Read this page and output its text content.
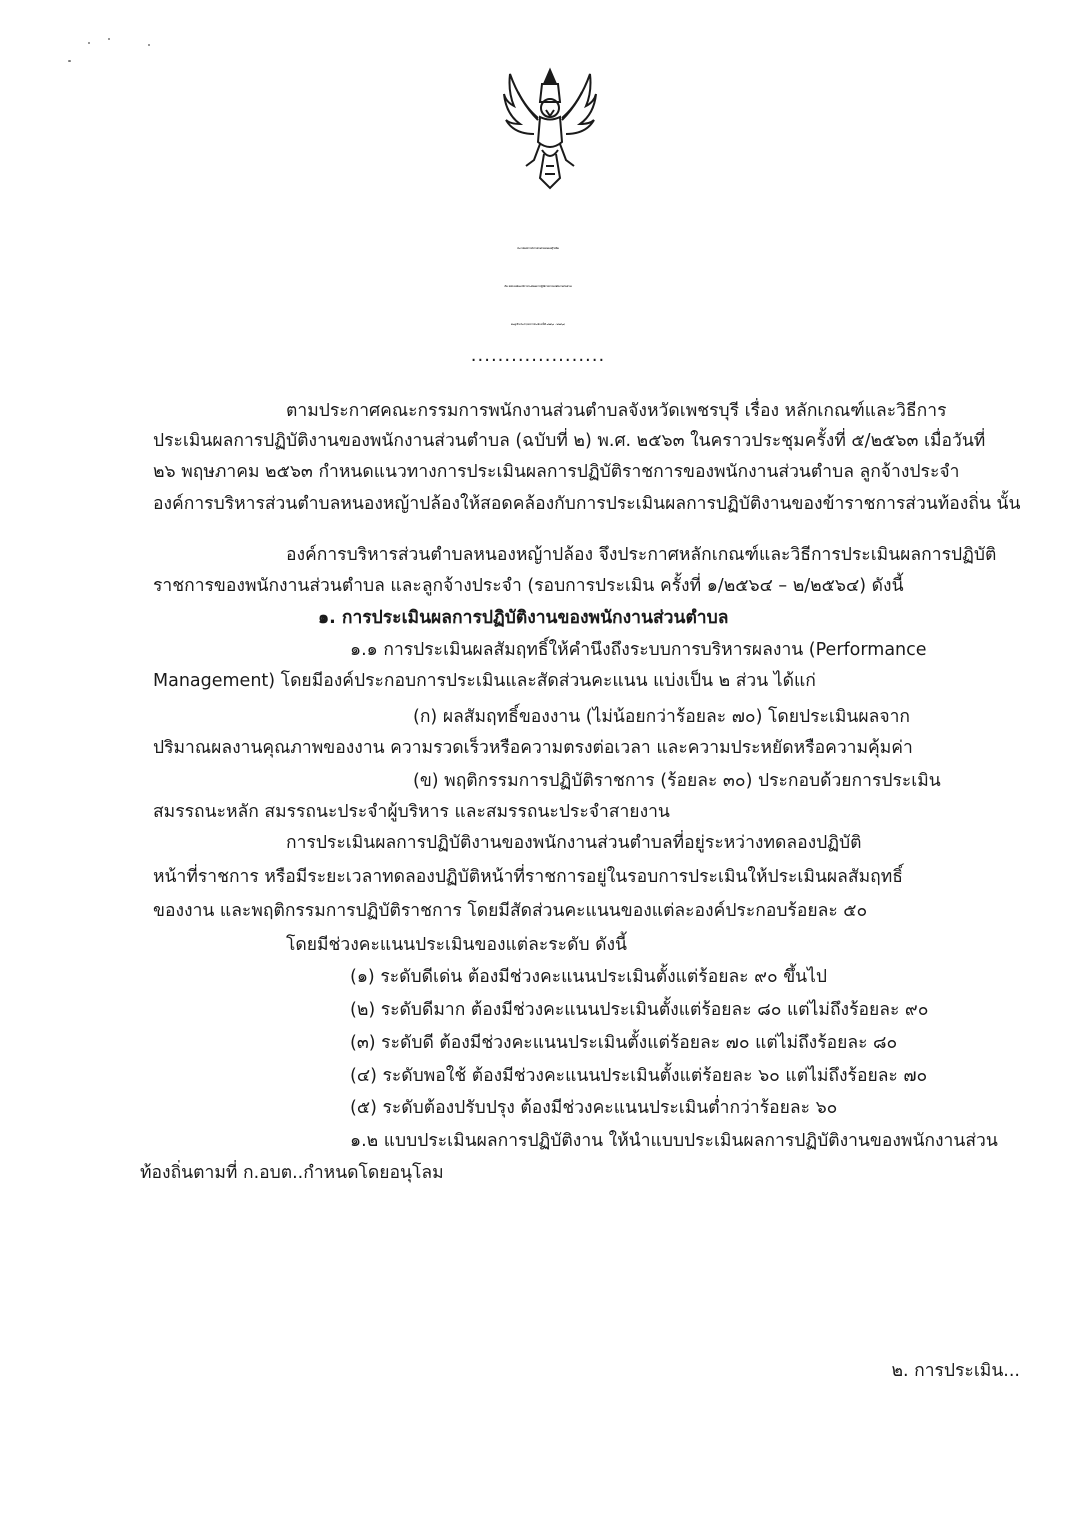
ประกาศองค์การบริหารส่วนตำบลหนองหญ้าปล้อง
เรื่อง หลักเกณฑ์และวิธีการประเมินผลการปฏิบัติราชการของพนักงานส่วนตำบล
และลูกจ้างประจำ(รอบการประเมิน ครั้งที่ ๑/๒๕๖๔ – ๒/๒๕๖๔)
....................
ตามประกาศคณะกรรมการพนักงานส่วนตำบลจังหวัดเพชรบุรี เรื่อง หลักเกณฑ์และวิธีการ
ประเมินผลการปฏิบัติงานของพนักงานส่วนตำบล (ฉบับที่ ๒) พ.ศ. ๒๕๖๓ ในคราวประชุมครั้งที่ ๕/๒๕๖๓ เมื่อวันที่
๒๖ พฤษภาคม ๒๕๖๓ กำหนดแนวทางการประเมินผลการปฏิบัติราชการของพนักงานส่วนตำบล ลูกจ้างประจำ
องค์การบริหารส่วนตำบลหนองหญ้าปล้องให้สอดคล้องกับการประเมินผลการปฏิบัติงานของข้าราชการส่วนท้องถิ่น นั้น
องค์การบริหารส่วนตำบลหนองหญ้าปล้อง จึงประกาศหลักเกณฑ์และวิธีการประเมินผลการปฏิบัติ
ราชการของพนักงานส่วนตำบล และลูกจ้างประจำ (รอบการประเมิน ครั้งที่ ๑/๒๕๖๔ – ๒/๒๕๖๔) ดังนี้
๑. การประเมินผลการปฏิบัติงานของพนักงานส่วนตำบล
๑.๑ การประเมินผลสัมฤทธิ์ให้คำนึงถึงระบบการบริหารผลงาน (Performance
Management) โดยมีองค์ประกอบการประเมินและสัดส่วนคะแนน แบ่งเป็น ๒ ส่วน ได้แก่
(ก) ผลสัมฤทธิ์ของงาน (ไม่น้อยกว่าร้อยละ ๗๐) โดยประเมินผลจาก
ปริมาณผลงานคุณภาพของงาน ความรวดเร็วหรือความตรงต่อเวลา และความประหยัดหรือความคุ้มค่า
(ข) พฤติกรรมการปฏิบัติราชการ (ร้อยละ ๓๐) ประกอบด้วยการประเมิน
สมรรถนะหลัก สมรรถนะประจำผู้บริหาร และสมรรถนะประจำสายงาน
การประเมินผลการปฏิบัติงานของพนักงานส่วนตำบลที่อยู่ระหว่างทดลองปฏิบัติ
หน้าที่ราชการ หรือมีระยะเวลาทดลองปฏิบัติหน้าที่ราชการอยู่ในรอบการประเมินให้ประเมินผลสัมฤทธิ์
ของงาน และพฤติกรรมการปฏิบัติราชการ โดยมีสัดส่วนคะแนนของแต่ละองค์ประกอบร้อยละ ๕๐
โดยมีช่วงคะแนนประเมินของแต่ละระดับ ดังนี้
(๑) ระดับดีเด่น ต้องมีช่วงคะแนนประเมินตั้งแต่ร้อยละ ๙๐ ขึ้นไป
(๒) ระดับดีมาก ต้องมีช่วงคะแนนประเมินตั้งแต่ร้อยละ ๘๐ แต่ไม่ถึงร้อยละ ๙๐
(๓) ระดับดี ต้องมีช่วงคะแนนประเมินตั้งแต่ร้อยละ ๗๐ แต่ไม่ถึงร้อยละ ๘๐
(๔) ระดับพอใช้ ต้องมีช่วงคะแนนประเมินตั้งแต่ร้อยละ ๖๐ แต่ไม่ถึงร้อยละ ๗๐
(๕) ระดับต้องปรับปรุง ต้องมีช่วงคะแนนประเมินต่ำกว่าร้อยละ ๖๐
๑.๒ แบบประเมินผลการปฏิบัติงาน ให้นำแบบประเมินผลการปฏิบัติงานของพนักงานส่วน
ท้องถิ่นตามที่ ก.อบต..กำหนดโดยอนุโลม
๒. การประเมิน...
